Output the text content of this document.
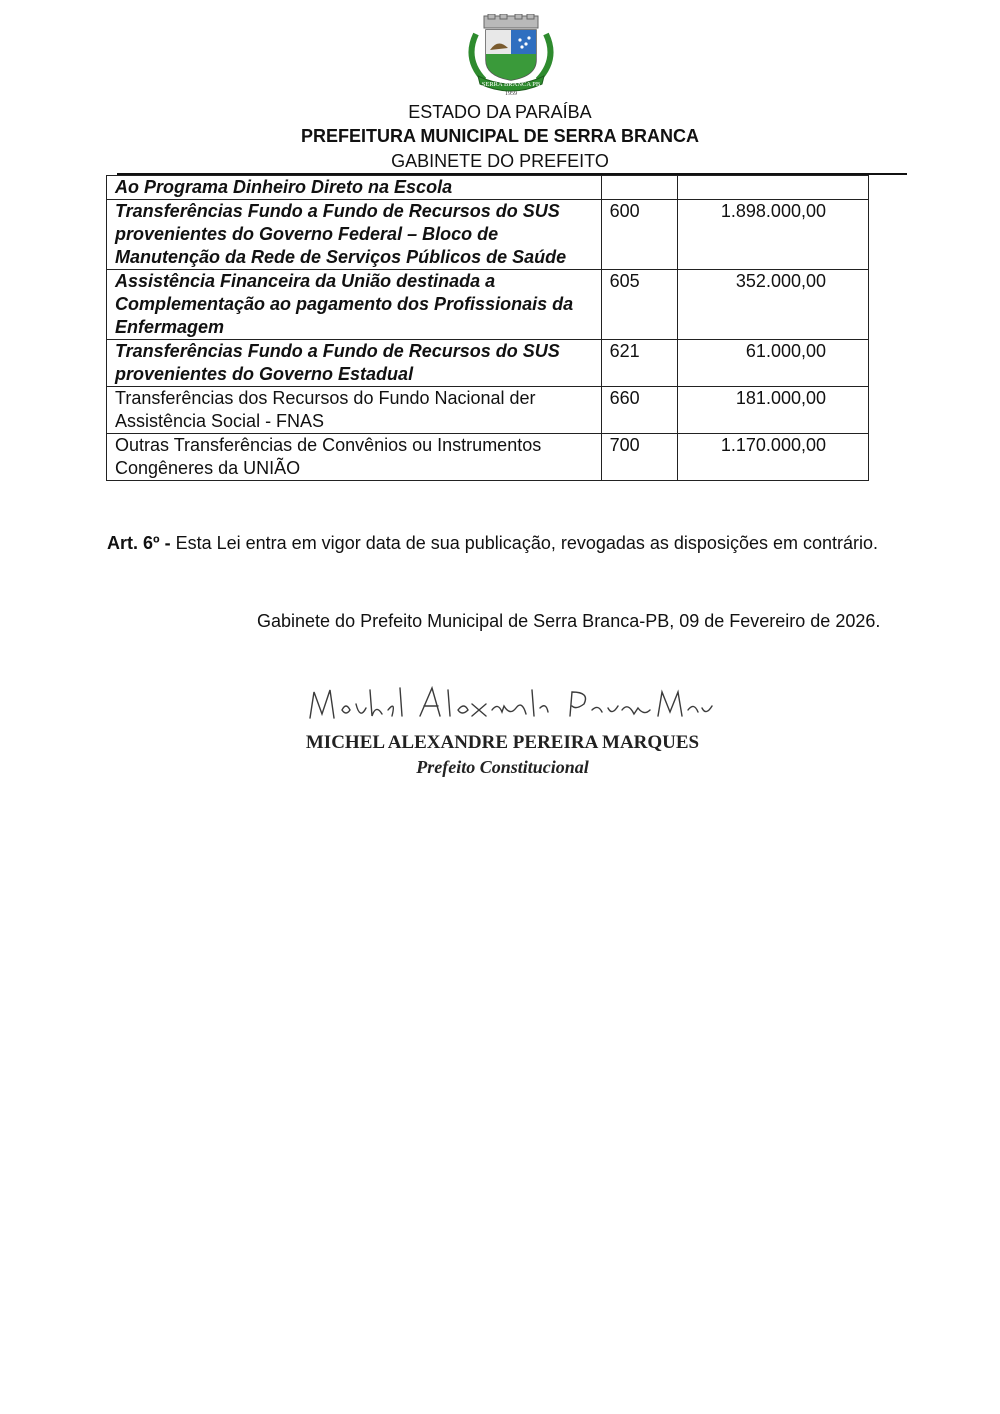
SERRA BRANCA PB
1959
ESTADO DA PARAÍBA
PREFEITURA MUNICIPAL DE SERRA BRANCA
GABINETE DO PREFEITO
Ao Programa Dinheiro Direto na Escola		
Transferências Fundo a Fundo de Recursos do SUS provenientes do Governo Federal – Bloco de Manutenção da Rede de Serviços Públicos de Saúde	600	1.898.000,00
Assistência Financeira da União destinada a Complementação ao pagamento dos Profissionais da Enfermagem	605	352.000,00
Transferências Fundo a Fundo de Recursos do SUS provenientes do Governo Estadual	621	61.000,00
Transferências dos Recursos do Fundo Nacional der Assistência Social - FNAS	660	181.000,00
Outras Transferências de Convênios ou Instrumentos Congêneres da UNIÃO	700	1.170.000,00
Art. 6º - Esta Lei entra em vigor data de sua publicação, revogadas as disposições em contrário.
Gabinete do Prefeito Municipal de Serra Branca-PB, 09 de Fevereiro de 2026.
MICHEL ALEXANDRE PEREIRA MARQUES
Prefeito Constitucional
